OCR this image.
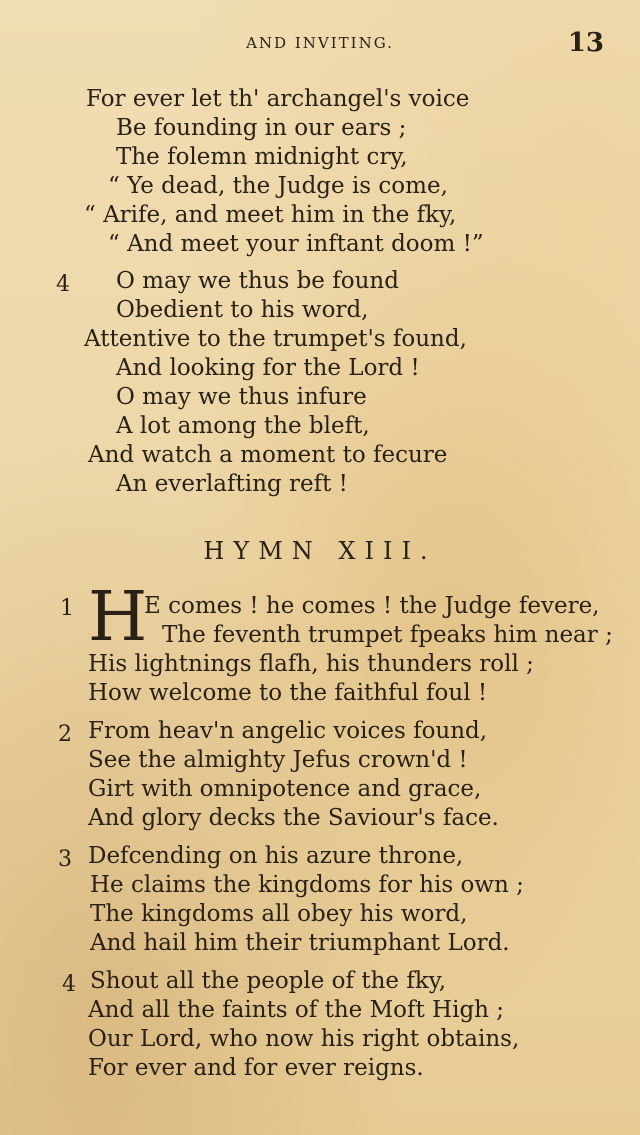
AND INVITING.	13
For ever let th' archangel's voice
Be founding in our ears ;
The folemn midnight cry,
“ Ye dead, the Judge is come,
“ Arife, and meet him in the fky,
“ And meet your inftant doom !”
4 O may we thus be found
Obedient to his word,
Attentive to the trumpet's found,
And looking for the Lord !
O may we thus infure
A lot among the bleft,
And watch a moment to fecure
An everlafting reft !
HYMN XIII.
1 H
E comes ! he comes ! the Judge fevere,
The feventh trumpet fpeaks him near ;
His lightnings flafh, his thunders roll ;
How welcome to the faithful foul !
2 From heav'n angelic voices found,
See the almighty Jefus crown'd !
Girt with omnipotence and grace,
And glory decks the Saviour's face.
3 Defcending on his azure throne,
He claims the kingdoms for his own ;
The kingdoms all obey his word,
And hail him their triumphant Lord.
4 Shout all the people of the fky,
And all the faints of the Moft High ;
Our Lord, who now his right obtains,
For ever and for ever reigns.
